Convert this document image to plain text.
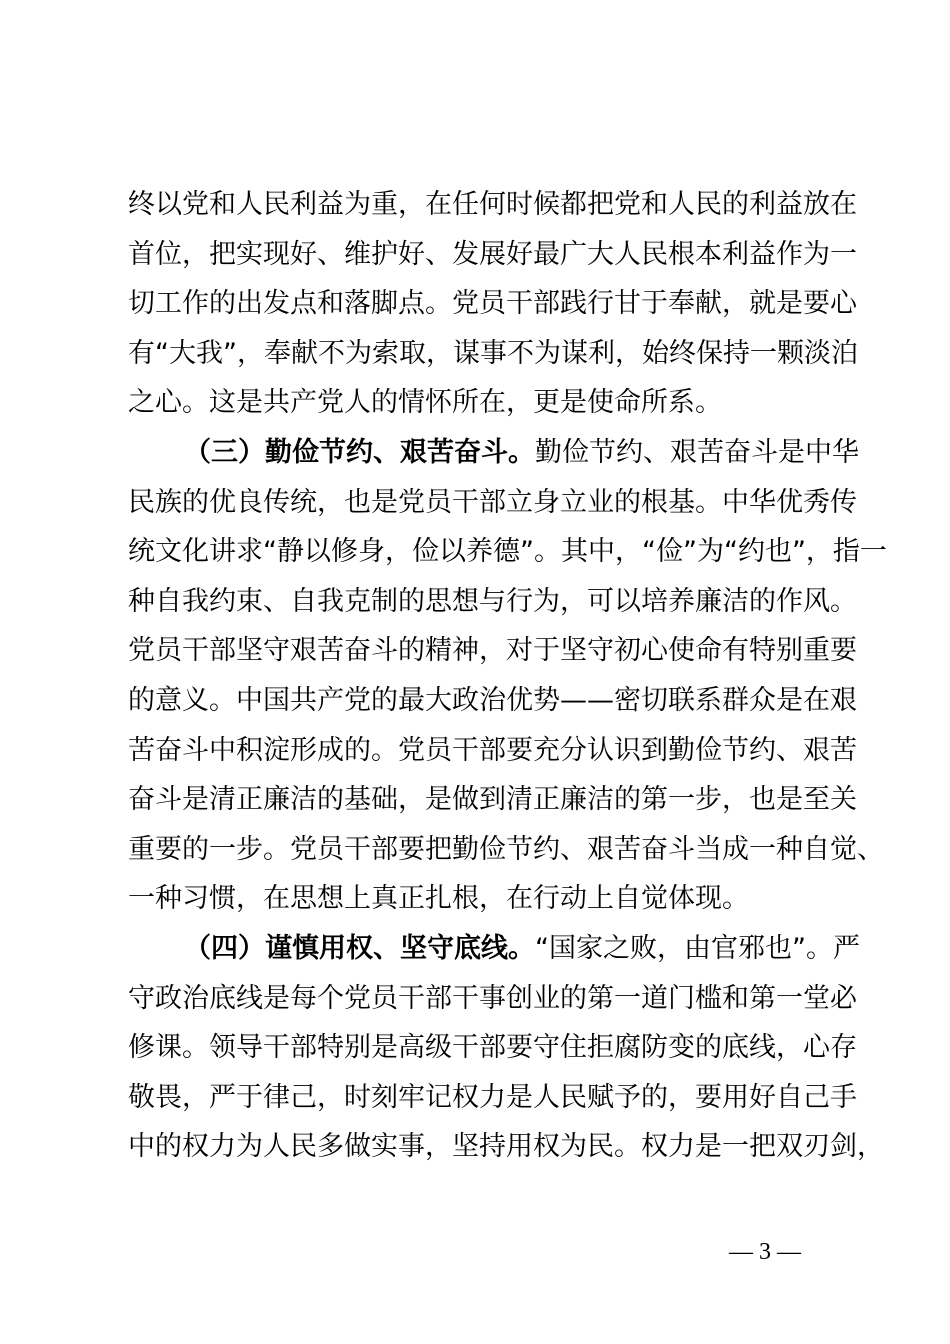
终以党和人民利益为重，在任何时候都把党和人民的利益放在
首位，把实现好、维护好、发展好最广大人民根本利益作为一
切工作的出发点和落脚点。党员干部践行甘于奉献，就是要心
有“大我”，奉献不为索取，谋事不为谋利，始终保持一颗淡泊
之心。这是共产党人的情怀所在，更是使命所系。
（三）勤俭节约、艰苦奋斗。勤俭节约、艰苦奋斗是中华
民族的优良传统，也是党员干部立身立业的根基。中华优秀传
统文化讲求“静以修身，俭以养德”。其中，“俭”为“约也”，指一
种自我约束、自我克制的思想与行为，可以培养廉洁的作风。
党员干部坚守艰苦奋斗的精神，对于坚守初心使命有特别重要
的意义。中国共产党的最大政治优势——密切联系群众是在艰
苦奋斗中积淀形成的。党员干部要充分认识到勤俭节约、艰苦
奋斗是清正廉洁的基础，是做到清正廉洁的第一步，也是至关
重要的一步。党员干部要把勤俭节约、艰苦奋斗当成一种自觉、
一种习惯，在思想上真正扎根，在行动上自觉体现。
（四）谨慎用权、坚守底线。“国家之败，由官邪也”。严
守政治底线是每个党员干部干事创业的第一道门槛和第一堂必
修课。领导干部特别是高级干部要守住拒腐防变的底线，心存
敬畏，严于律己，时刻牢记权力是人民赋予的，要用好自己手
中的权力为人民多做实事，坚持用权为民。权力是一把双刃剑，
— 3 —
